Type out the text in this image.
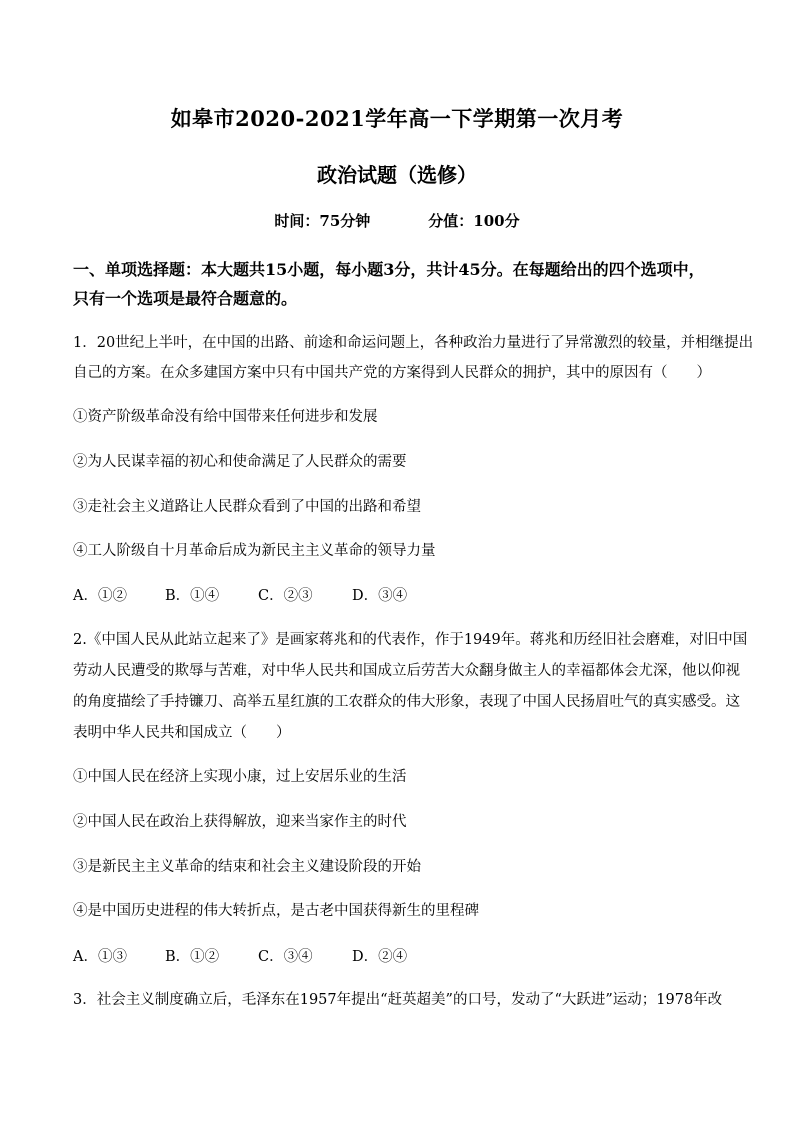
如皋市2020-2021学年高一下学期第一次月考
政治试题（选修）
时间：75分钟	分值：100分
一、单项选择题：本大题共15小题，每小题3分，共计45分。在每题给出的四个选项中，
只有一个选项是最符合题意的。
1．20世纪上半叶，在中国的出路、前途和命运问题上，各种政治力量进行了异常激烈的较量，并相继提出
自己的方案。在众多建国方案中只有中国共产党的方案得到人民群众的拥护，其中的原因有（　　）
①资产阶级革命没有给中国带来任何进步和发展
②为人民谋幸福的初心和使命满足了人民群众的需要
③走社会主义道路让人民群众看到了中国的出路和希望
④工人阶级自十月革命后成为新民主主义革命的领导力量
A．①②	B．①④	C．②③	D．③④
2.《中国人民从此站立起来了》是画家蒋兆和的代表作，作于1949年。蒋兆和历经旧社会磨难，对旧中国
劳动人民遭受的欺辱与苦难，对中华人民共和国成立后劳苦大众翻身做主人的幸福都体会尤深，他以仰视
的角度描绘了手持镰刀、高举五星红旗的工农群众的伟大形象，表现了中国人民扬眉吐气的真实感受。这
表明中华人民共和国成立（　　）
①中国人民在经济上实现小康，过上安居乐业的生活
②中国人民在政治上获得解放，迎来当家作主的时代
③是新民主主义革命的结束和社会主义建设阶段的开始
④是中国历史进程的伟大转折点，是古老中国获得新生的里程碑
A．①③	B．①②	C．③④	D．②④
3．社会主义制度确立后，毛泽东在1957年提出“赶英超美”的口号，发动了“大跃进”运动；1978年改
